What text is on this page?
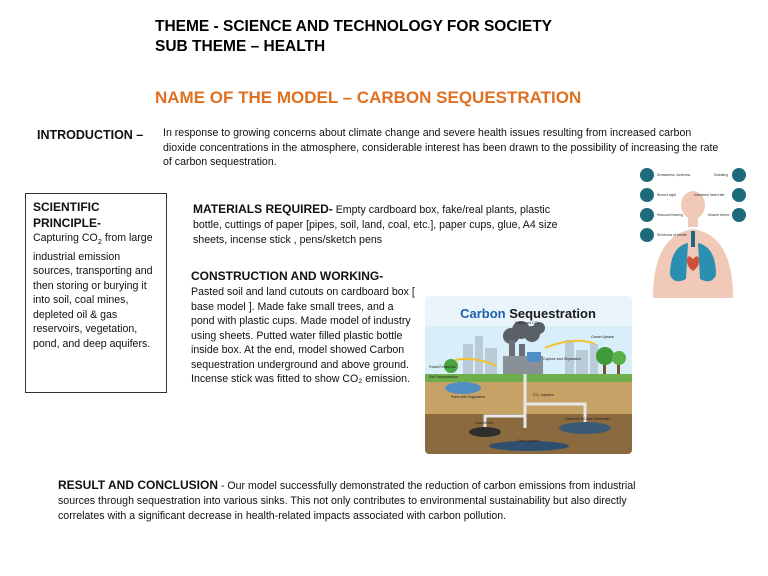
THEME - SCIENCE AND TECHNOLOGY FOR SOCIETY
SUB THEME – HEALTH
NAME OF THE MODEL – CARBON SEQUESTRATION
INTRODUCTION – In response to growing concerns about climate change and severe health issues resulting from increased carbon dioxide concentrations in the atmosphere, considerable interest has been drawn to the possibility of increasing the rate of carbon sequestration.
SCIENTIFIC PRINCIPLE-
Capturing $CO_2$ from large industrial emission sources, transporting and then storing or burying it into soil, coal mines, depleted oil & gas reservoirs, vegetation, pond, and deep aquifers.
MATERIALS REQUIRED- Empty cardboard box, fake/real plants, plastic bottle, cuttings of paper [pipes, soil, land, coal, etc.], paper cups, glue, A4 size sheets, incense stick , pens/sketch pens
CONSTRUCTION AND WORKING-
Pasted soil and land cutouts on cardboard box [ base model ]. Made fake small trees, and a pond with plastic cups. Made model of industry using sheets. Putted water filled plastic bottle inside box. At the end, model showed Carbon sequestration underground and above ground. Incense stick was fitted to show CO₂ emission.
Carbon Sequestration
Dispersed CO₂
Fossil Emissions
Soil Sequestration
Capture and Separation
Pond with Organisms	CO₂ Injection
Coal Mines
Depleted Oil Gas Reservoirs
Deep Aquifers
Ocean Uptake
Drowsiness, dizziness	Sweating
Blurred sight	Increased heart rate
Reduced hearing	Muscle tremor
Shortness of breath
RESULT AND CONCLUSION - Our model successfully demonstrated the reduction of carbon emissions from industrial sources through sequestration into various sinks. This not only contributes to environmental sustainability but also directly correlates with a significant decrease in health-related impacts associated with carbon pollution.
